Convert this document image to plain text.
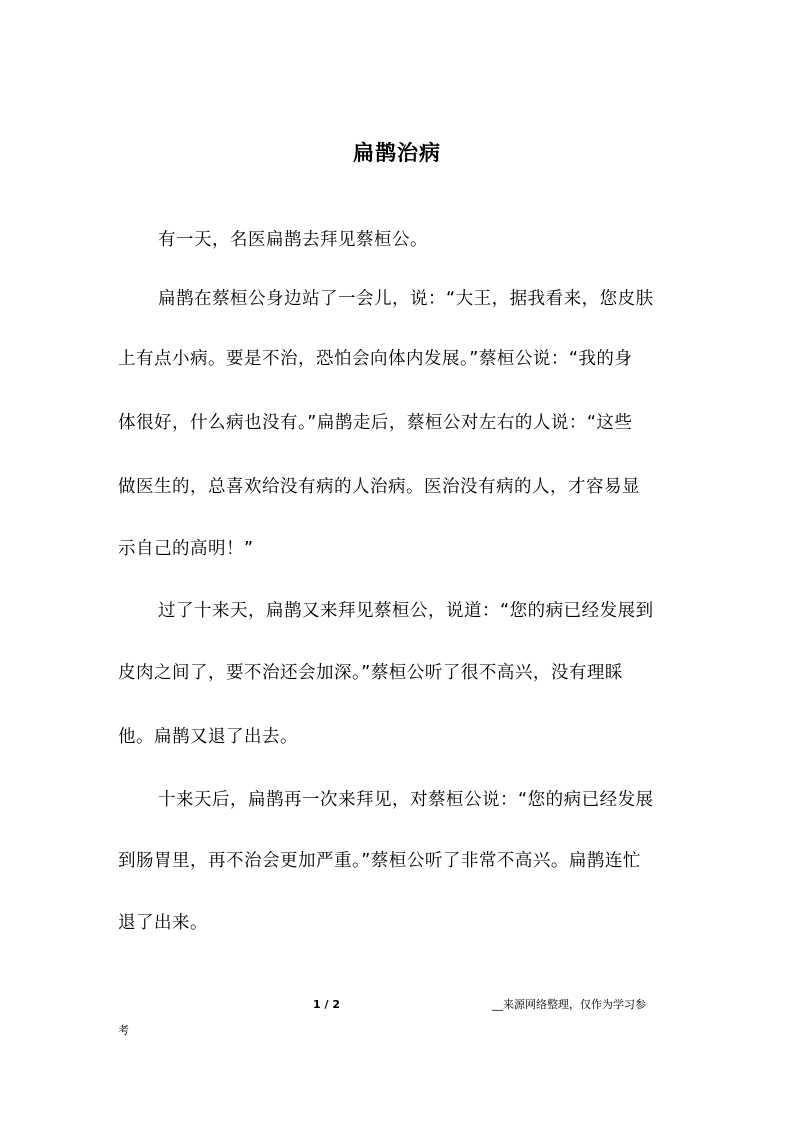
扁鹊治病
有一天，名医扁鹊去拜见蔡桓公。
扁鹊在蔡桓公身边站了一会儿，说：“大王，据我看来，您皮肤
上有点小病。要是不治，恐怕会向体内发展。”蔡桓公说：“我的身
体很好，什么病也没有。”扁鹊走后，蔡桓公对左右的人说：“这些
做医生的，总喜欢给没有病的人治病。医治没有病的人，才容易显
示自己的高明！”
过了十来天，扁鹊又来拜见蔡桓公，说道：“您的病已经发展到
皮肉之间了，要不治还会加深。”蔡桓公听了很不高兴，没有理睬
他。扁鹊又退了出去。
十来天后，扁鹊再一次来拜见，对蔡桓公说：“您的病已经发展
到肠胃里，再不治会更加严重。”蔡桓公听了非常不高兴。扁鹊连忙
退了出来。
1 / 2	__来源网络整理，仅作为学习参
考
